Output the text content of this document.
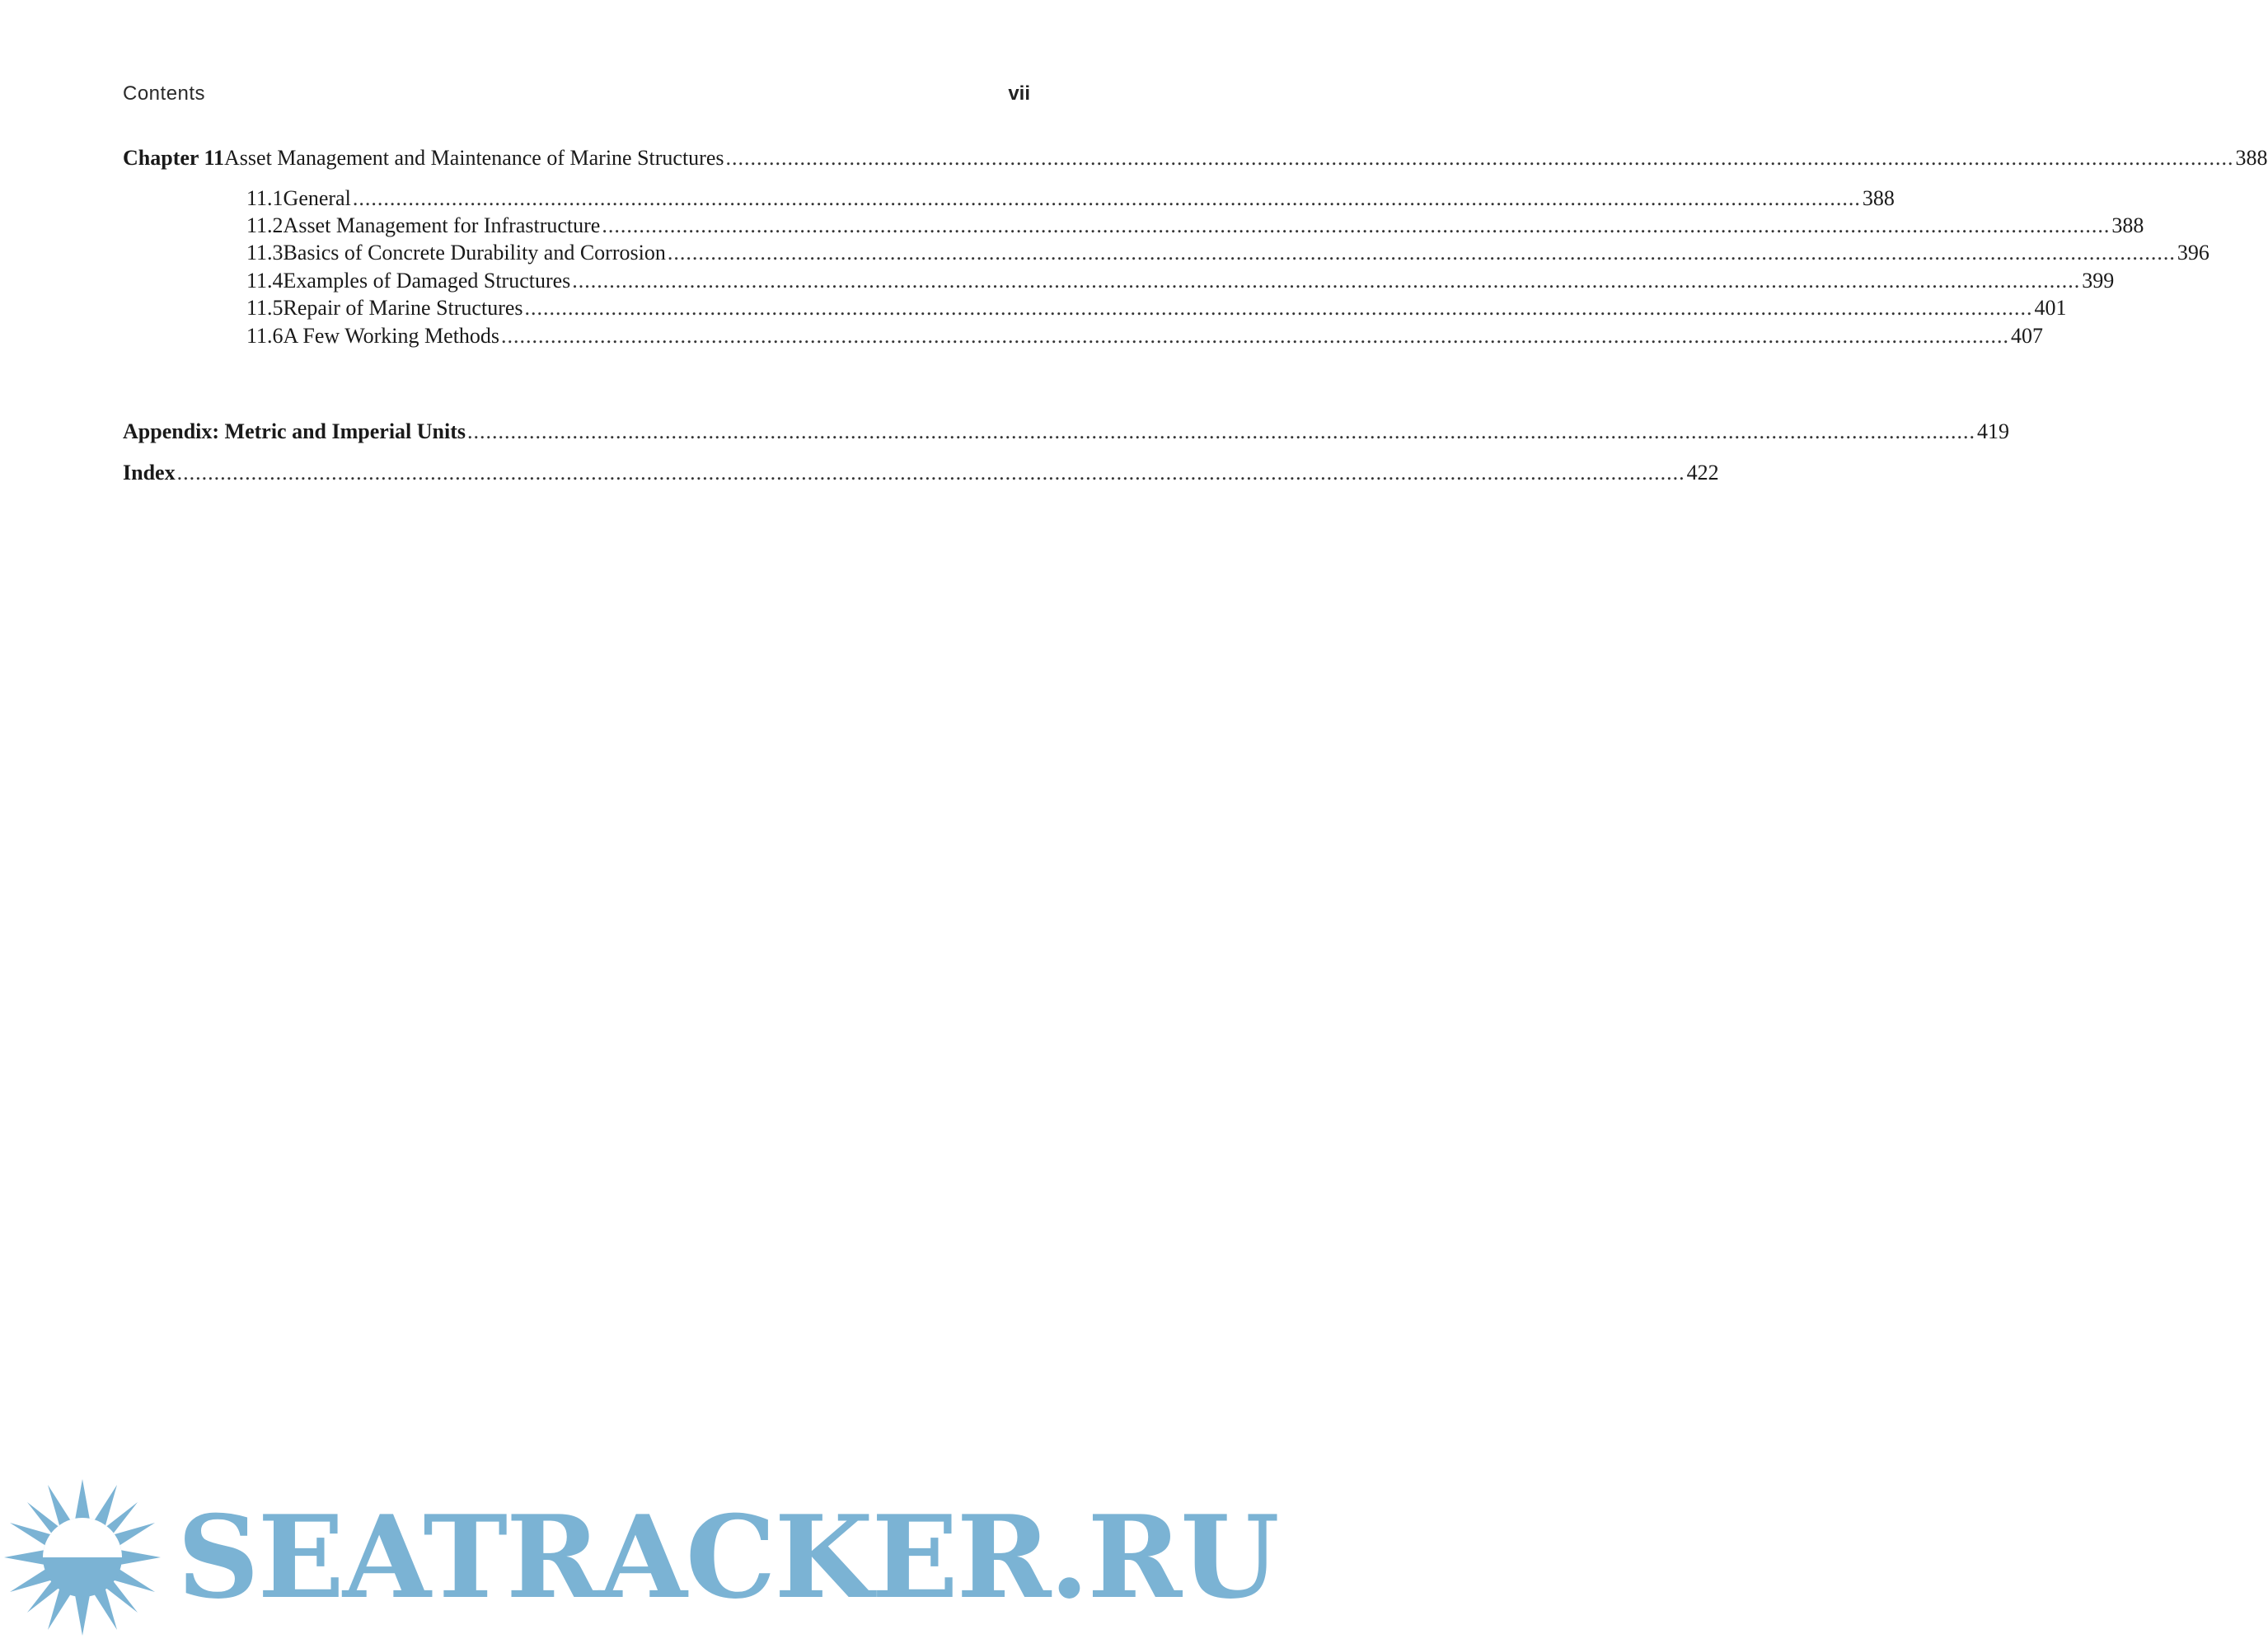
Contents	vii
Chapter 11 Asset Management and Maintenance of Marine Structures .....	388
11.1 General .....	388
11.2 Asset Management for Infrastructure .....	388
11.3 Basics of Concrete Durability and Corrosion .....	396
11.4 Examples of Damaged Structures .....	399
11.5 Repair of Marine Structures .....	401
11.6 A Few Working Methods .....	407
Appendix: Metric and Imperial Units .....	419
Index .....	422
SEATRACKER.RU
